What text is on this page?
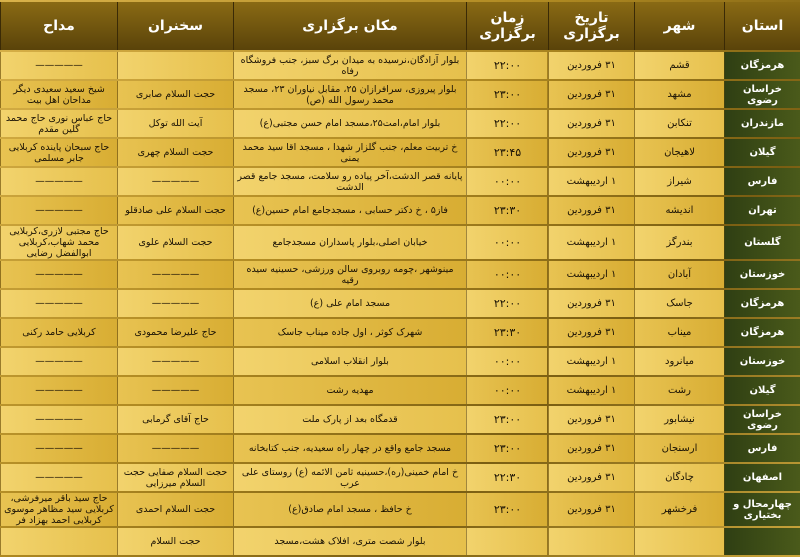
استان	شهر	تاریخ برگزاری	زمان برگزاری	مکان برگزاری	سخنران	مداح
هرمزگان	قشم	۳۱ فروردین	۲۲:۰۰	بلوار آزادگان،نرسیده به میدان برگ سبز، جنب فروشگاه رفاه		—————
خراسان رضوی	مشهد	۳۱ فروردین	۲۳:۰۰	بلوار پیروزی، سرافرازان ۲۵، مقابل نیاوران ۲۳، مسجد محمد رسول الله (ص)	حجت السلام صابری	شیخ سعید سعیدی دیگر مداحان اهل بیت
مازندران	تنکابن	۳۱ فروردین	۲۲:۰۰	بلوار امام،امت۲۵،مسجد امام حسن مجتبی(ع)	آیت الله توکل	حاج عباس نوری حاج محمد گلین مقدم
گیلان	لاهیجان	۳۱ فروردین	۲۳:۴۵	خ تربیت معلم، جنب گلزار شهدا ، مسجد اقا سید محمد یمنی	حجت السلام چهری	حاج سبحان پاینده کربلایی جابر مسلمی
فارس	شیراز	۱ اردیبهشت	۰۰:۰۰	پایانه قصر الدشت،آخر پیاده رو سلامت، مسجد جامع قصر الدشت	—————	—————
تهران	اندیشه	۳۱ فروردین	۲۳:۳۰	فاز۵ ، خ دکتر حسابی ، مسجدجامع امام حسین(ع)	حجت السلام علی صادقلو	—————
گلستان	بندرگز	۱ اردیبهشت	۰۰:۰۰	خیابان اصلی،بلوار پاسداران مسجدجامع	حجت السلام علوی	حاج مجتبی لازری،کربلایی محمد شهاب،کربلایی ابوالفضل رضایی
خوزستان	آبادان	۱ اردیبهشت	۰۰:۰۰	مینوشهر ،چومه روبروی سالن ورزشی، حسینیه سیده رقیه	—————	—————
هرمزگان	جاسک	۳۱ فروردین	۲۲:۰۰	مسجد امام علی (ع)	—————	—————
هرمزگان	میناب	۳۱ فروردین	۲۳:۳۰	شهرک کوثر ، اول جاده میناب جاسک	حاج علیرضا محمودی	کربلایی حامد رکنی
خوزستان	میانرود	۱ اردیبهشت	۰۰:۰۰	بلوار انقلاب اسلامی	—————	—————
گیلان	رشت	۱ اردیبهشت	۰۰:۰۰	مهدیه رشت	—————	—————
خراسان رضوی	نیشابور	۳۱ فروردین	۲۳:۰۰	قدمگاه بعد از پارک ملت	حاج آقای گرمابی	—————
فارس	ارسنجان	۳۱ فروردین	۲۳:۰۰	مسجد جامع واقع در چهار راه سعیدیه، جنب کتابخانه	—————	—————
اصفهان	چادگان	۳۱ فروردین	۲۲:۳۰	خ امام خمینی(ره)،حسینیه ثامن الائمه (ع) روستای علی عرب	حجت السلام صفایی حجت السلام میرزایی	—————
چهارمحال و بختیاری	فرخشهر	۳۱ فروردین	۲۳:۰۰	خ حافظ ، مسجد امام صادق(ع)	حجت السلام احمدی	حاج سید باقر میرفرشی، کربلایی سید مظاهر موسوی کربلایی احمد بهزاد فر
				بلوار شصت متری، افلاک هشت،مسجد	حجت السلام	
